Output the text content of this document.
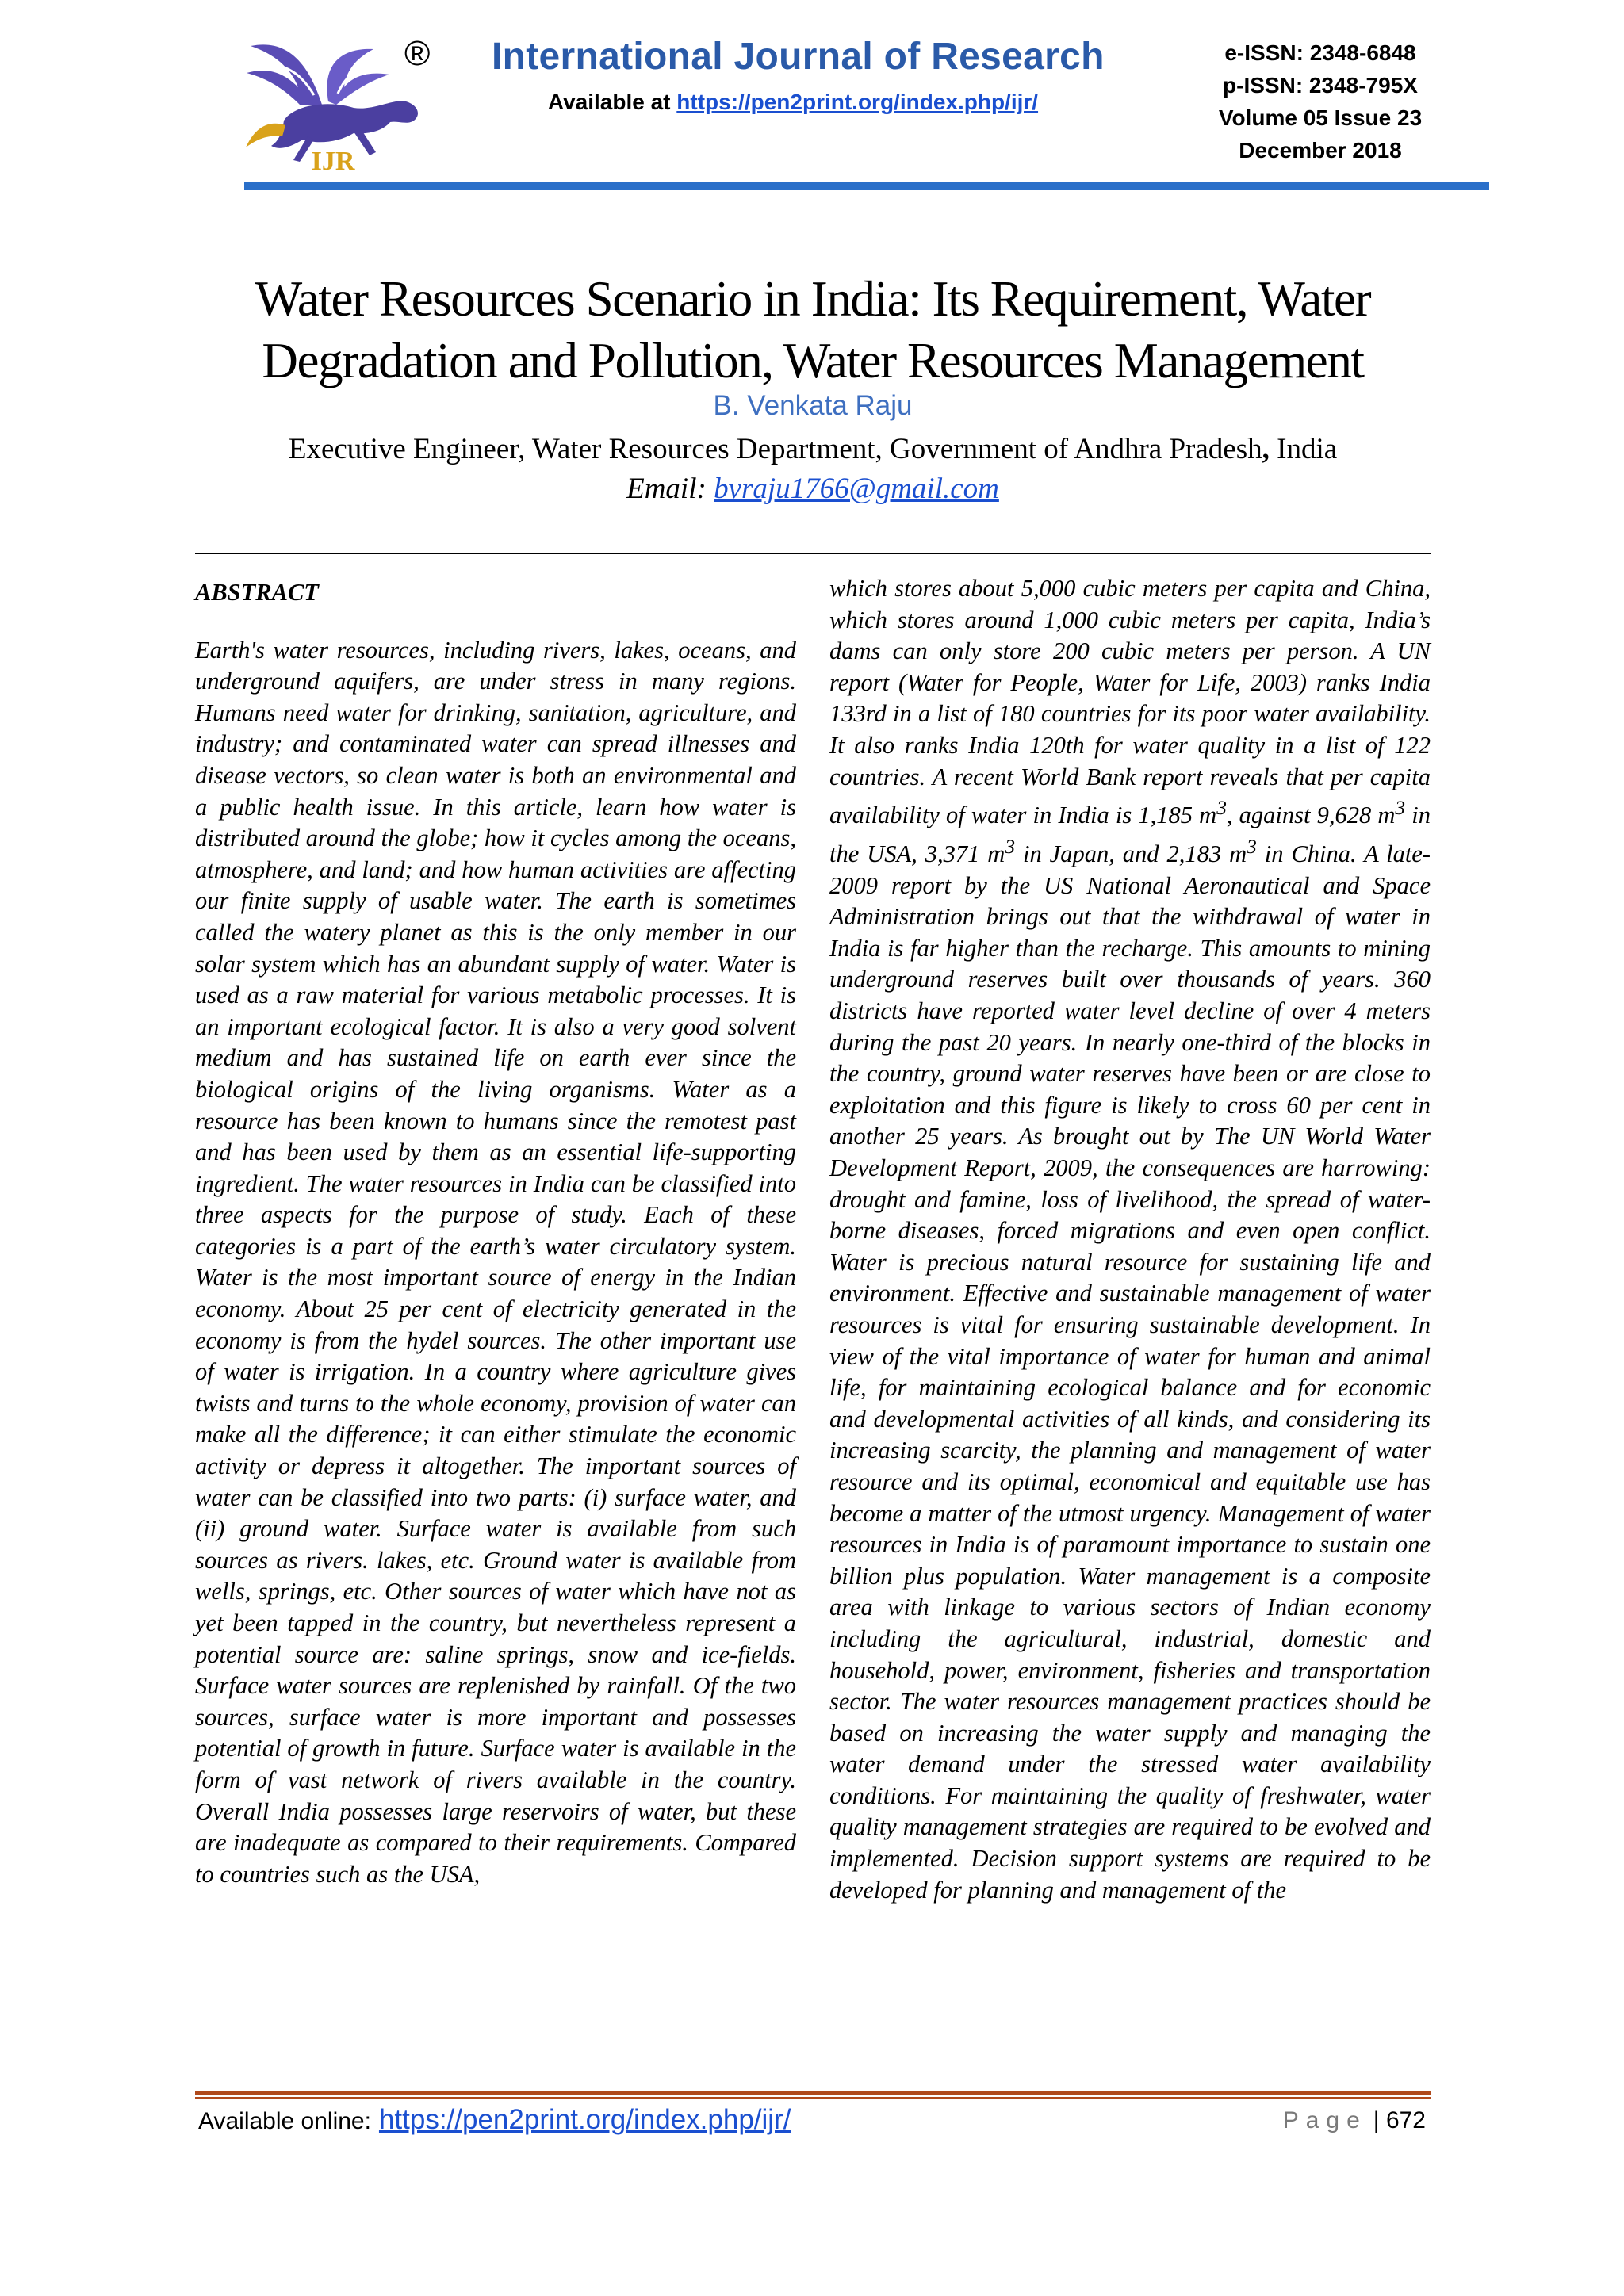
IJR
® International Journal of Research
Available at https://pen2print.org/index.php/ijr/
e-ISSN: 2348-6848
p-ISSN: 2348-795X
Volume 05 Issue 23
December 2018
Water Resources Scenario in India: Its Requirement, Water
Degradation and Pollution, Water Resources Management
B. Venkata Raju
Executive Engineer, Water Resources Department, Government of Andhra Pradesh, India
Email: bvraju1766@gmail.com
ABSTRACT

Earth's water resources, including rivers, lakes, oceans, and underground aquifers, are under stress in many regions. Humans need water for drinking, sanitation, agriculture, and industry; and contaminated water can spread illnesses and disease vectors, so clean water is both an environmental and a public health issue. In this article, learn how water is distributed around the globe; how it cycles among the oceans, atmosphere, and land; and how human activities are affecting our finite supply of usable water. The earth is sometimes called the watery planet as this is the only member in our solar system which has an abundant supply of water. Water is used as a raw material for various metabolic processes. It is an important ecological factor. It is also a very good solvent medium and has sustained life on earth ever since the biological origins of the living organisms. Water as a resource has been known to humans since the remotest past and has been used by them as an essential life-supporting ingredient. The water resources in India can be classified into three aspects for the purpose of study. Each of these categories is a part of the earth’s water circulatory system. Water is the most important source of energy in the Indian economy. About 25 per cent of electricity generated in the economy is from the hydel sources. The other important use of water is irrigation. In a country where agriculture gives twists and turns to the whole economy, provision of water can make all the difference; it can either stimulate the economic activity or depress it altogether. The important sources of water can be classified into two parts: (i) surface water, and (ii) ground water. Surface water is available from such sources as rivers. lakes, etc. Ground water is available from wells, springs, etc. Other sources of water which have not as yet been tapped in the country, but nevertheless represent a potential source are: saline springs, snow and ice-fields. Surface water sources are replenished by rainfall. Of the two sources, surface water is more important and possesses potential of growth in future. Surface water is available in the form of vast network of rivers available in the country. Overall India possesses large reservoirs of water, but these are inadequate as compared to their requirements. Compared to countries such as the USA,

which stores about 5,000 cubic meters per capita and China, which stores around 1,000 cubic meters per capita, India’s dams can only store 200 cubic meters per person. A UN report (Water for People, Water for Life, 2003) ranks India 133rd in a list of 180 countries for its poor water availability. It also ranks India 120th for water quality in a list of 122 countries. A recent World Bank report reveals that per capita availability of water in India is 1,185 $m^3$, against 9,628 $m^3$ in the USA, 3,371 $m^3$ in Japan, and 2,183 $m^3$ in China. A late-2009 report by the US National Aeronautical and Space Administration brings out that the withdrawal of water in India is far higher than the recharge. This amounts to mining underground reserves built over thousands of years. 360 districts have reported water level decline of over 4 meters during the past 20 years. In nearly one-third of the blocks in the country, ground water reserves have been or are close to exploitation and this figure is likely to cross 60 per cent in another 25 years. As brought out by The UN World Water Development Report, 2009, the consequences are harrowing: drought and famine, loss of livelihood, the spread of water-borne diseases, forced migrations and even open conflict. Water is precious natural resource for sustaining life and environment. Effective and sustainable management of water resources is vital for ensuring sustainable development. In view of the vital importance of water for human and animal life, for maintaining ecological balance and for economic and developmental activities of all kinds, and considering its increasing scarcity, the planning and management of water resource and its optimal, economical and equitable use has become a matter of the utmost urgency. Management of water resources in India is of paramount importance to sustain one billion plus population. Water management is a composite area with linkage to various sectors of Indian economy including the agricultural, industrial, domestic and household, power, environment, fisheries and transportation sector. The water resources management practices should be based on increasing the water supply and managing the water demand under the stressed water availability conditions. For maintaining the quality of freshwater, water quality management strategies are required to be evolved and implemented. Decision support systems are required to be developed for planning and management of the

Available online: https://pen2print.org/index.php/ijr/	Page | 672
